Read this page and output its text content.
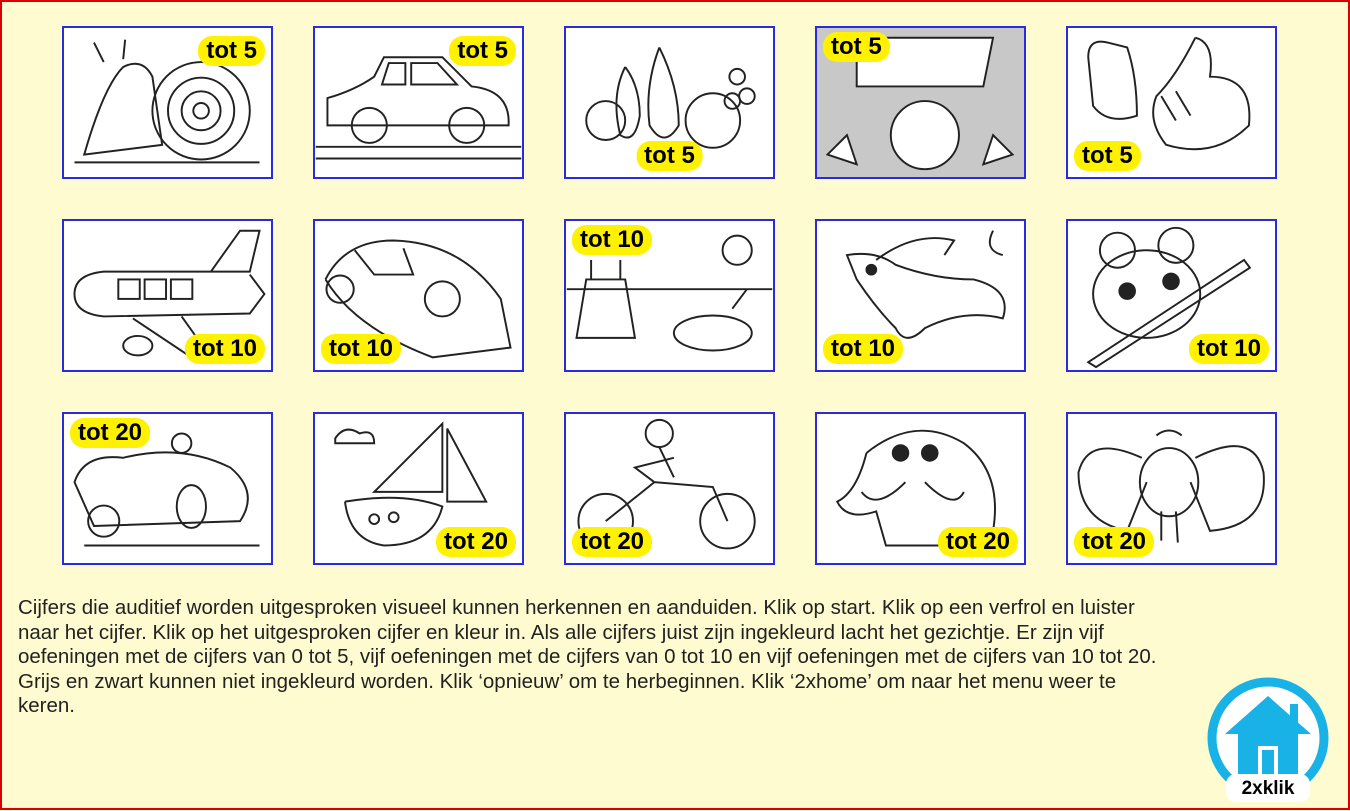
tot 5	tot 5
tot 5
tot 5
tot 5
tot 10	tot 10
tot 10
tot 10	tot 10
tot 20
tot 20	tot 20	tot 20	tot 20
Cijfers die auditief worden uitgesproken visueel kunnen herkennen en aanduiden. Klik op start. Klik op een verfrol en luister naar het cijfer. Klik op het uitgesproken cijfer en kleur in. Als alle cijfers juist zijn ingekleurd lacht het gezichtje. Er zijn vijf oefeningen met de cijfers van 0 tot 5, vijf oefeningen met de cijfers van 0 tot 10 en vijf oefeningen met de cijfers van 10 tot 20. Grijs en zwart kunnen niet ingekleurd worden. Klik ‘opnieuw’ om te herbeginnen. Klik ‘2xhome’ om naar het menu weer te keren.
2xklik
